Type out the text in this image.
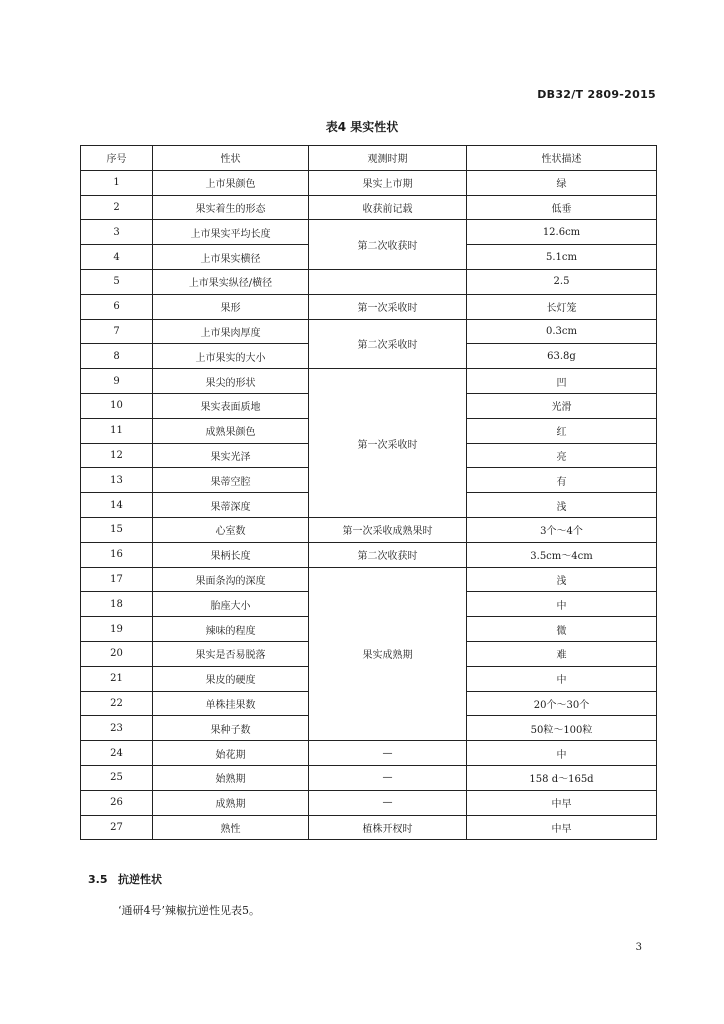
DB32/T 2809-2015
表4 果实性状
序号	性状	观测时期	性状描述
1	上市果颜色	果实上市期	绿
2	果实着生的形态	收获前记载	低垂
3	上市果实平均长度	第二次收获时	12.6cm
4	上市果实横径		5.1cm
5	上市果实纵径/横径		2.5
6	果形	第一次采收时	长灯笼
7	上市果肉厚度	第二次采收时	0.3cm
8	上市果实的大小		63.8g
9	果尖的形状	第一次采收时	凹
10	果实表面质地		光滑
11	成熟果颜色		红
12	果实光泽		亮
13	果蒂空腔		有
14	果蒂深度		浅
15	心室数	第一次采收成熟果时	3个～4个
16	果柄长度	第二次收获时	3.5cm～4cm
17	果面条沟的深度	果实成熟期	浅
18	胎座大小		中
19	辣味的程度		微
20	果实是否易脱落		难
21	果皮的硬度		中
22	单株挂果数		20个～30个
23	果种子数		50粒～100粒
24	始花期	—	中
25	始熟期	—	158 d～165d
26	成熟期	—	中早
27	熟性	植株开杈时	中早
3.5 抗逆性状
‘通研4号’辣椒抗逆性见表5。
3
